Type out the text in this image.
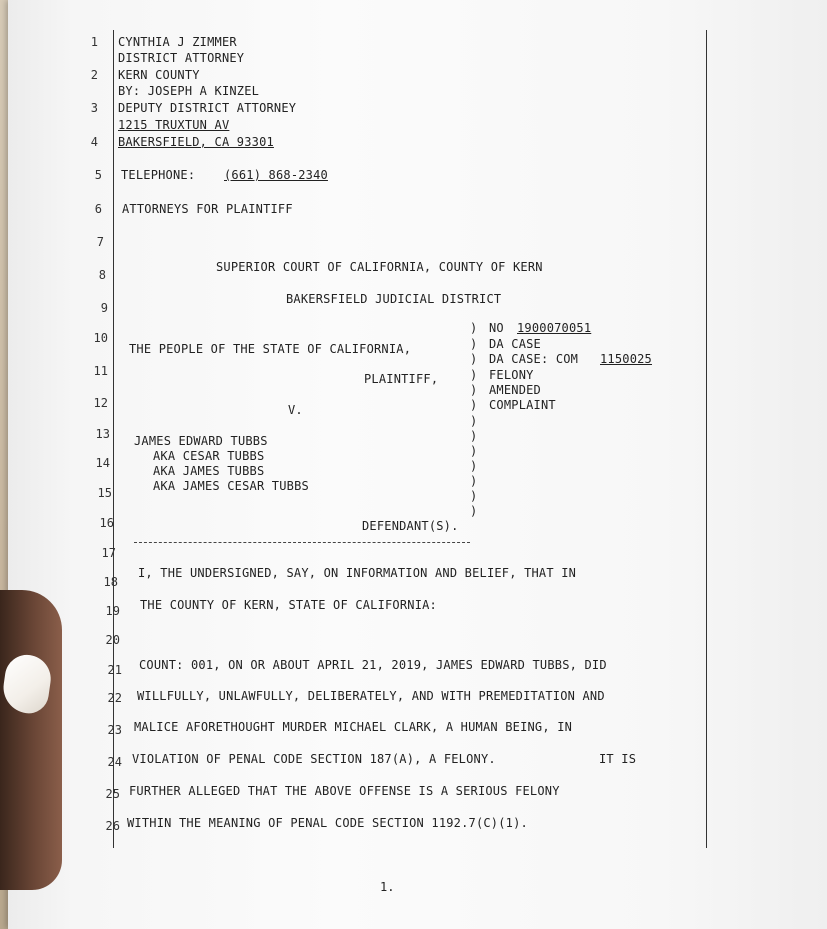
1
2
3
4
5
6
7
8
9
10
11
12
13
14
15
16
17
18
19
20
21
22
23
24
25
26
CYNTHIA J ZIMMER
DISTRICT ATTORNEY
KERN COUNTY
BY: JOSEPH A KINZEL
DEPUTY DISTRICT ATTORNEY
1215 TRUXTUN AV
BAKERSFIELD, CA 93301
TELEPHONE: (661) 868-2340
ATTORNEYS FOR PLAINTIFF
SUPERIOR COURT OF CALIFORNIA, COUNTY OF KERN
BAKERSFIELD JUDICIAL DISTRICT
THE PEOPLE OF THE STATE OF CALIFORNIA,
PLAINTIFF,
V.
JAMES EDWARD TUBBS
AKA CESAR TUBBS
AKA JAMES TUBBS
AKA JAMES CESAR TUBBS
DEFENDANT(S).
)
)
)
)
)
)
)
)
)
)
)
)
)
NO 1900070051
DA CASE
DA CASE: COM 1150025
FELONY
AMENDED
COMPLAINT
I, THE UNDERSIGNED, SAY, ON INFORMATION AND BELIEF, THAT IN
THE COUNTY OF KERN, STATE OF CALIFORNIA:
COUNT: 001, ON OR ABOUT APRIL 21, 2019, JAMES EDWARD TUBBS, DID
WILLFULLY, UNLAWFULLY, DELIBERATELY, AND WITH PREMEDITATION AND
MALICE AFORETHOUGHT MURDER MICHAEL CLARK, A HUMAN BEING, IN
VIOLATION OF PENAL CODE SECTION 187(A), A FELONY.	IT IS
FURTHER ALLEGED THAT THE ABOVE OFFENSE IS A SERIOUS FELONY
WITHIN THE MEANING OF PENAL CODE SECTION 1192.7(C)(1).
1.
